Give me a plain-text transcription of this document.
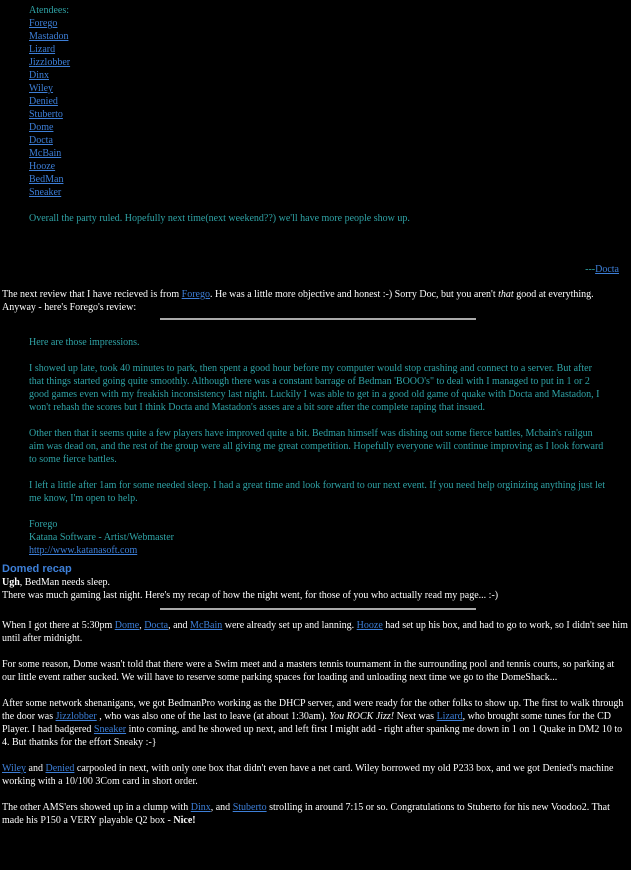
Atendees:
Forego
Mastadon
Lizard
Jizzlobber
Dinx
Wiley
Denied
Stuberto
Dome
Docta
McBain
Hooze
BedMan
Sneaker

Overall the party ruled. Hopefully next time(next weekend??) we'll have more people show up.

---Docta
The next review that I have recieved is from Forego. He was a little more objective and honest :-) Sorry Doc, but you aren't that good at everything.
Anyway - here's Forego's review:

Here are those impressions.

I showed up late, took 40 minutes to park, then spent a good hour before my computer would stop crashing and connect to a server. But after that things started going quite smoothly. Although there was a constant barrage of Bedman 'BOOO's" to deal with I managed to put in 1 or 2 good games even with my freakish inconsistency last night. Luckily I was able to get in a good old game of quake with Docta and Mastadon, I won't rehash the scores but I think Docta and Mastadon's asses are a bit sore after the complete raping that insued.

Other then that it seems quite a few players have improved quite a bit. Bedman himself was dishing out some fierce battles, Mcbain's railgun aim was dead on, and the rest of the group were all giving me great competition. Hopefully everyone will continue improving as I look forward to some fierce battles.

I left a little after 1am for some needed sleep. I had a great time and look forward to our next event. If you need help orginizing anything just let me know, I'm open to help.

Forego

Katana Software - Artist/Webmaster

http://www.katanasoft.com

Domed recap
Ugh, BedMan needs sleep.
There was much gaming last night. Here's my recap of how the night went, for those of you who actually read my page... :-)

When I got there at 5:30pm Dome, Docta, and McBain were already set up and lanning. Hooze had set up his box, and had to go to work, so I didn't see him until after midnight.

For some reason, Dome wasn't told that there were a Swim meet and a masters tennis tournament in the surrounding pool and tennis courts, so parking at our little event rather sucked. We will have to reserve some parking spaces for loading and unloading next time we go to the DomeShack...

After some network shenanigans, we got BedmanPro working as the DHCP server, and were ready for the other folks to show up. The first to walk through the door was Jizzlobber , who was also one of the last to leave (at about 1:30am). You ROCK Jizz! Next was Lizard, who brought some tunes for the CD Player. I had badgered Sneaker into coming, and he showed up next, and left first I might add - right after spankng me down in 1 on 1 Quake in DM2 10 to 4. But thatnks for the effort Sneaky :-}

Wiley and Denied carpooled in next, with only one box that didn't even have a net card. Wiley borrowed my old P233 box, and we got Denied's machine working with a 10/100 3Com card in short order.

The other AMS'ers showed up in a clump with Dinx, and Stuberto strolling in around 7:15 or so. Congratulations to Stuberto for his new Voodoo2. That made his P150 a VERY playable Q2 box - Nice!
